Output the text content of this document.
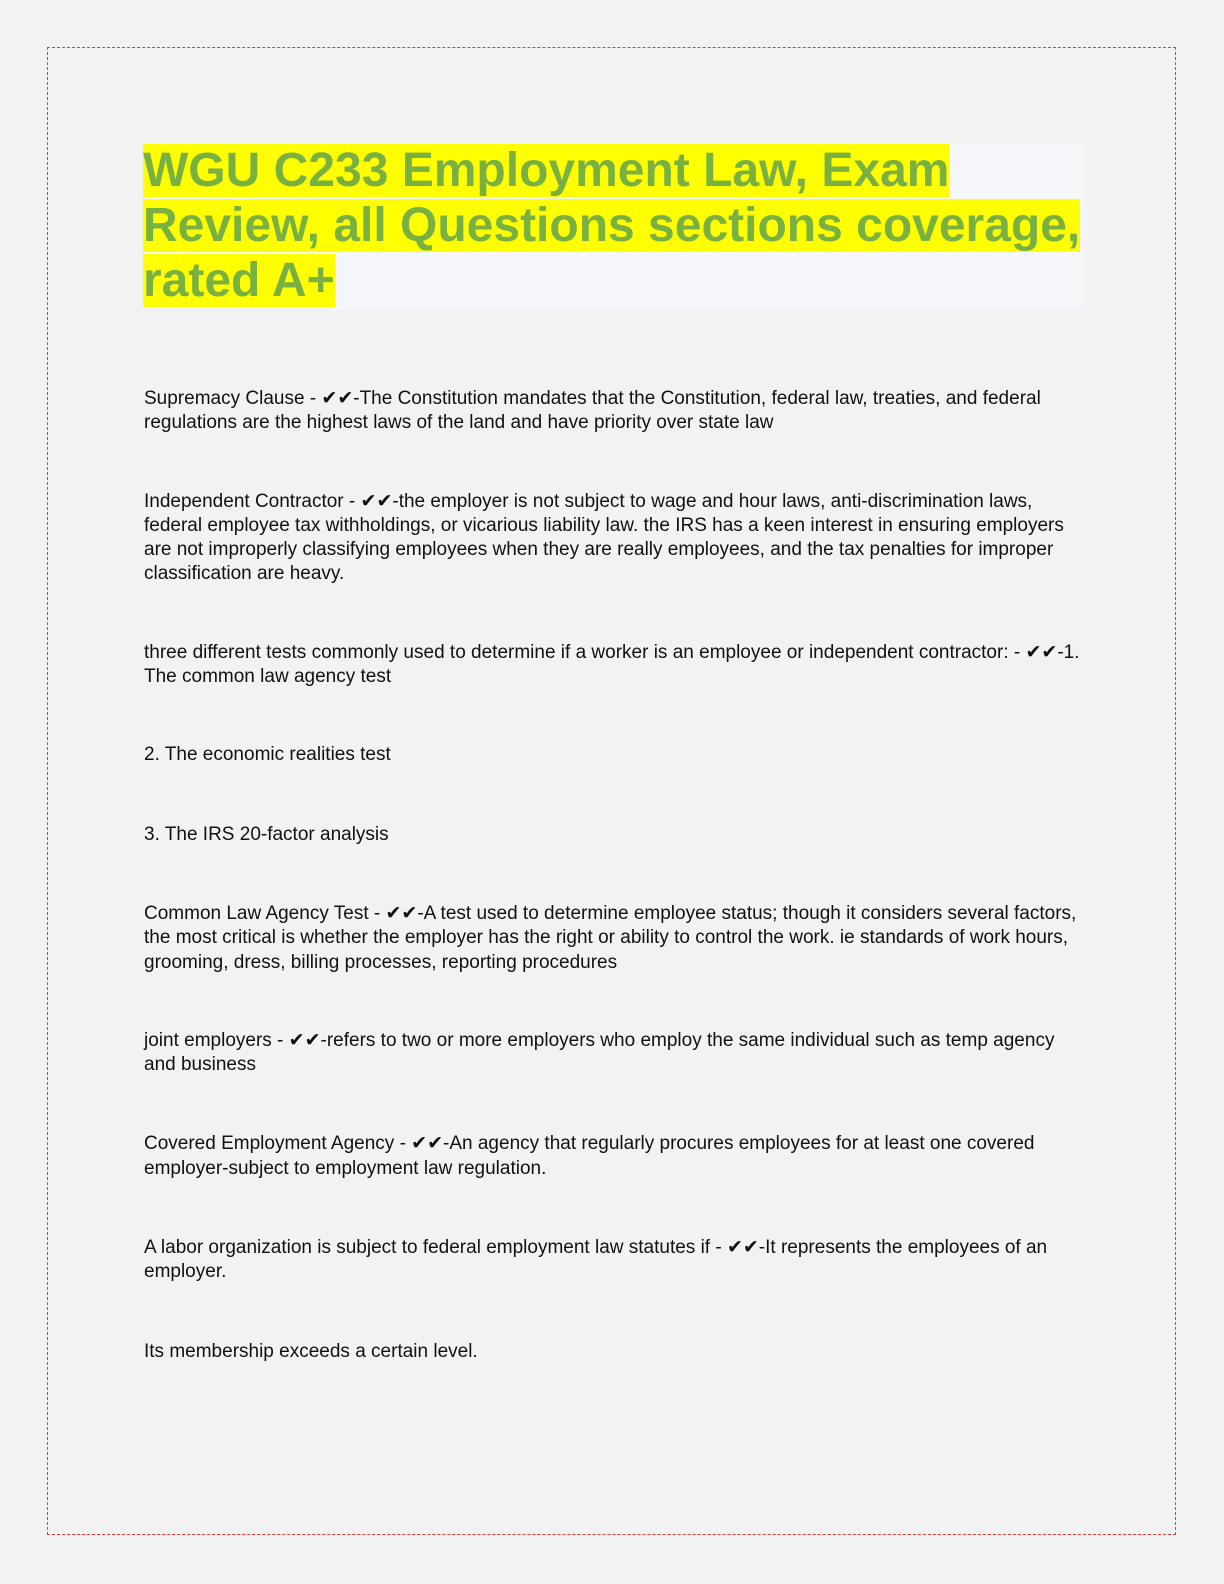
WGU C233 Employment Law, Exam Review, all Questions sections coverage, rated A+

Supremacy Clause - ✔✔-The Constitution mandates that the Constitution, federal law, treaties, and federal regulations are the highest laws of the land and have priority over state law

Independent Contractor - ✔✔-the employer is not subject to wage and hour laws, anti-discrimination laws, federal employee tax withholdings, or vicarious liability law. the IRS has a keen interest in ensuring employers are not improperly classifying employees when they are really employees, and the tax penalties for improper classification are heavy.

three different tests commonly used to determine if a worker is an employee or independent contractor: - ✔✔-1. The common law agency test

2. The economic realities test

3. The IRS 20-factor analysis

Common Law Agency Test - ✔✔-A test used to determine employee status; though it considers several factors, the most critical is whether the employer has the right or ability to control the work. ie standards of work hours, grooming, dress, billing processes, reporting procedures

joint employers - ✔✔-refers to two or more employers who employ the same individual such as temp agency and business

Covered Employment Agency - ✔✔-An agency that regularly procures employees for at least one covered employer-subject to employment law regulation.

A labor organization is subject to federal employment law statutes if - ✔✔-It represents the employees of an employer.

Its membership exceeds a certain level.
